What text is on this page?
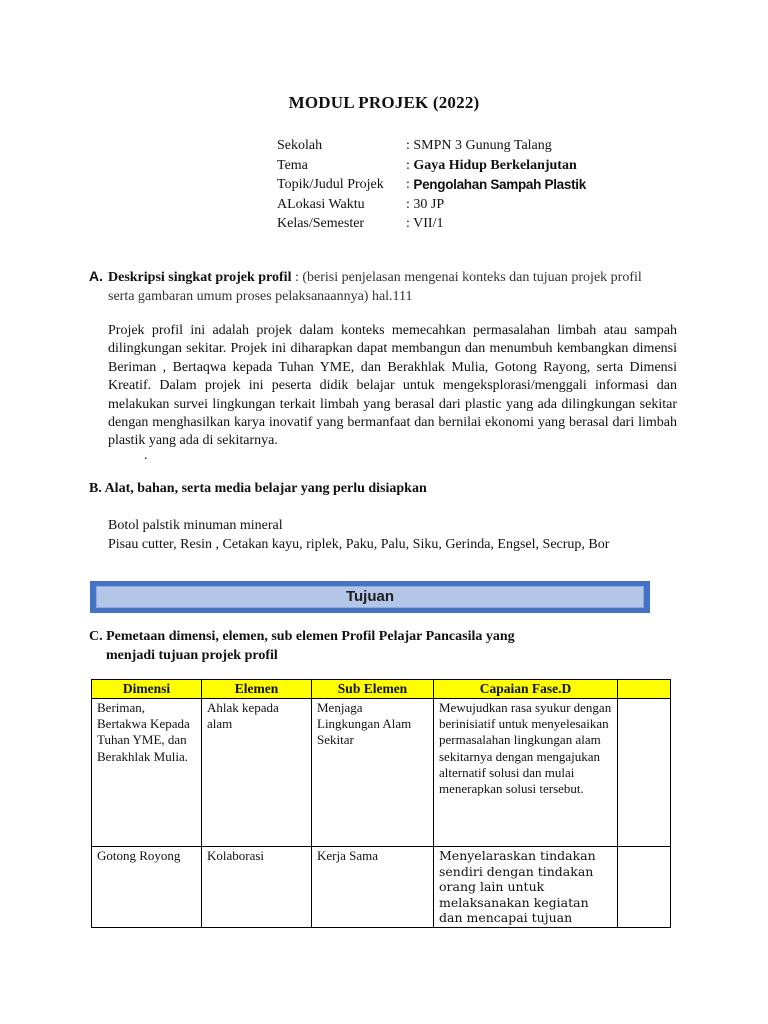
MODUL PROJEK (2022)
Sekolah	: SMPN 3 Gunung Talang
Tema	: Gaya Hidup Berkelanjutan
Topik/Judul Projek	: Pengolahan Sampah Plastik
ALokasi Waktu	: 30 JP
Kelas/Semester	: VII/1
A. Deskripsi singkat projek profil : (berisi penjelasan mengenai konteks dan tujuan projek profil serta gambaran umum proses pelaksanaannya) hal.111
Projek profil ini adalah projek dalam konteks memecahkan permasalahan limbah atau sampah dilingkungan sekitar. Projek ini diharapkan dapat membangun dan menumbuh kembangkan dimensi Beriman , Bertaqwa kepada Tuhan YME, dan Berakhlak Mulia, Gotong Rayong, serta Dimensi Kreatif. Dalam projek ini peserta didik belajar untuk mengeksplorasi/menggali informasi dan melakukan survei lingkungan terkait limbah yang berasal dari plastic yang ada dilingkungan sekitar dengan menghasilkan karya inovatif yang bermanfaat dan bernilai ekonomi yang berasal dari limbah plastik yang ada di sekitarnya.
.
B. Alat, bahan, serta media belajar yang perlu disiapkan
Botol palstik minuman mineral
Pisau cutter, Resin , Cetakan kayu, riplek, Paku, Palu, Siku, Gerinda, Engsel, Secrup, Bor
Tujuan
C. Pemetaan dimensi, elemen, sub elemen Profil Pelajar Pancasila yang
menjadi tujuan projek profil
Dimensi	Elemen	Sub Elemen	Capaian Fase.D	
Beriman, Bertakwa Kepada Tuhan YME, dan Berakhlak Mulia.	Ahlak kepada alam	Menjaga Lingkungan Alam Sekitar	Mewujudkan rasa syukur dengan berinisiatif untuk menyelesaikan permasalahan lingkungan alam sekitarnya dengan mengajukan alternatif solusi dan mulai menerapkan solusi tersebut.	
Gotong Royong	Kolaborasi	Kerja Sama	Menyelaraskan tindakan sendiri dengan tindakan orang lain untuk melaksanakan kegiatan dan mencapai tujuan	
